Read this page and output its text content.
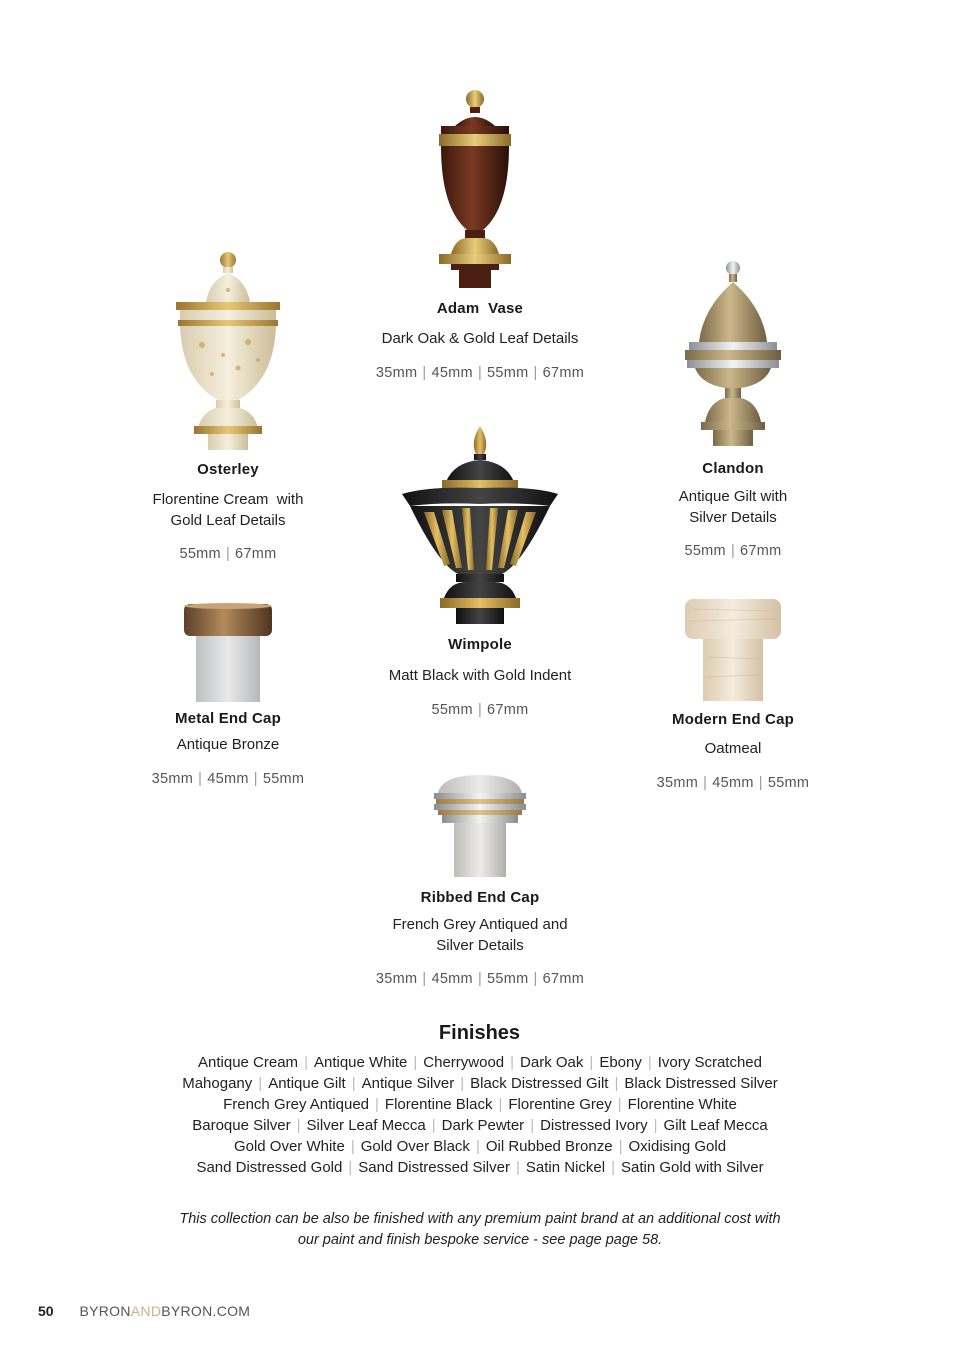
Adam  Vase
Dark Oak & Gold Leaf Details
35mm | 45mm | 55mm | 67mm
Osterley
Florentine Cream  with
Gold Leaf Details
55mm | 67mm
Clandon
Antique Gilt with
Silver Details
55mm | 67mm
Wimpole
Matt Black with Gold Indent
55mm | 67mm
Metal End Cap
Antique Bronze
35mm | 45mm | 55mm
Modern End Cap
Oatmeal
35mm | 45mm | 55mm
Ribbed End Cap
French Grey Antiqued and
Silver Details
35mm | 45mm | 55mm | 67mm
Finishes
Antique Cream | Antique White | Cherrywood | Dark Oak | Ebony | Ivory Scratched
Mahogany | Antique Gilt | Antique Silver | Black Distressed Gilt | Black Distressed Silver
French Grey Antiqued | Florentine Black | Florentine Grey | Florentine White
Baroque Silver | Silver Leaf Mecca | Dark Pewter | Distressed Ivory | Gilt Leaf Mecca
Gold Over White | Gold Over Black | Oil Rubbed Bronze | Oxidising Gold
Sand Distressed Gold | Sand Distressed Silver | Satin Nickel | Satin Gold with Silver
This collection can be also be finished with any premium paint brand at an additional cost with
our paint and finish bespoke service - see page page 58.
50 BYRONANDBYRON.COM
